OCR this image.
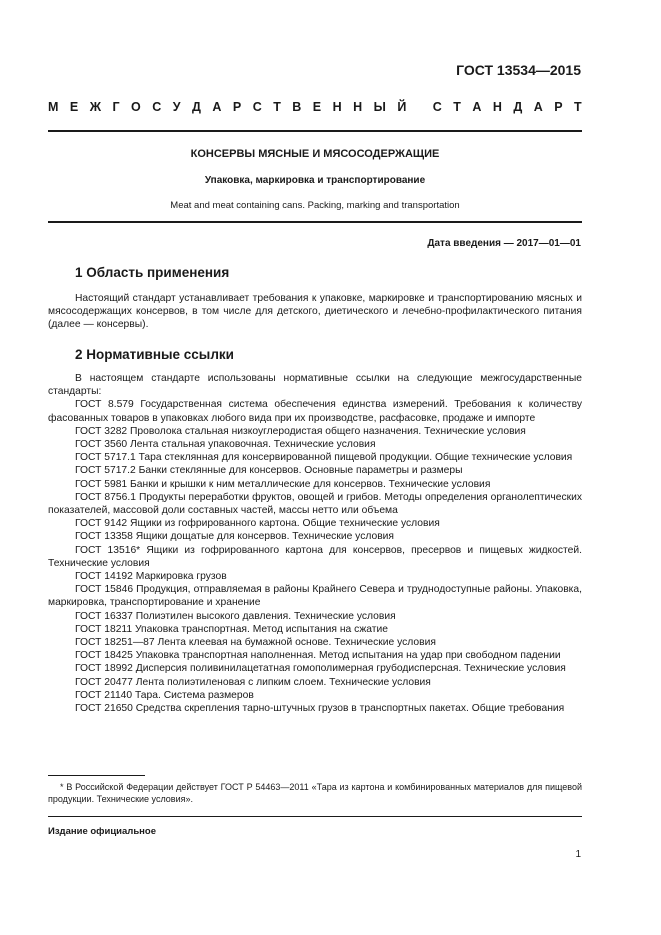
ГОСТ 13534—2015
М Е Ж Г О С У Д А Р С Т В Е Н Н Ы Й
С Т А Н Д А Р Т
КОНСЕРВЫ МЯСНЫЕ И МЯСОСОДЕРЖАЩИЕ
Упаковка, маркировка и транспортирование
Meat and meat containing cans. Packing, marking and transportation
Дата введения — 2017—01—01
1 Область применения

Настоящий стандарт устанавливает требования к упаковке, маркировке и транспортированию мясных и мясосодержащих консервов, в том числе для детского, диетического и лечебно-профилактического питания (далее — консервы).

2 Нормативные ссылки

В настоящем стандарте использованы нормативные ссылки на следующие межгосударственные стандарты:

ГОСТ 8.579 Государственная система обеспечения единства измерений. Требования к количеству фасованных товаров в упаковках любого вида при их производстве, расфасовке, продаже и импорте

ГОСТ 3282 Проволока стальная низкоуглеродистая общего назначения. Технические условия

ГОСТ 3560 Лента стальная упаковочная. Технические условия

ГОСТ 5717.1 Тара стеклянная для консервированной пищевой продукции. Общие технические условия

ГОСТ 5717.2 Банки стеклянные для консервов. Основные параметры и размеры

ГОСТ 5981 Банки и крышки к ним металлические для консервов. Технические условия

ГОСТ 8756.1 Продукты переработки фруктов, овощей и грибов. Методы определения органолептических показателей, массовой доли составных частей, массы нетто или объема

ГОСТ 9142 Ящики из гофрированного картона. Общие технические условия

ГОСТ 13358 Ящики дощатые для консервов. Технические условия

ГОСТ 13516* Ящики из гофрированного картона для консервов, пресервов и пищевых жидкостей. Технические условия

ГОСТ 14192 Маркировка грузов

ГОСТ 15846 Продукция, отправляемая в районы Крайнего Севера и труднодоступные районы. Упаковка, маркировка, транспортирование и хранение

ГОСТ 16337 Полиэтилен высокого давления. Технические условия

ГОСТ 18211 Упаковка транспортная. Метод испытания на сжатие

ГОСТ 18251—87 Лента клеевая на бумажной основе. Технические условия

ГОСТ 18425 Упаковка транспортная наполненная. Метод испытания на удар при свободном падении

ГОСТ 18992 Дисперсия поливинилацетатная гомополимерная грубодисперсная. Технические условия

ГОСТ 20477 Лента полиэтиленовая с липким слоем. Технические условия

ГОСТ 21140 Тара. Система размеров

ГОСТ 21650 Средства скрепления тарно-штучных грузов в транспортных пакетах. Общие требования

* В Российской Федерации действует ГОСТ Р 54463—2011 «Тара из картона и комбинированных материалов для пищевой продукции. Технические условия».
Издание официальное
1
